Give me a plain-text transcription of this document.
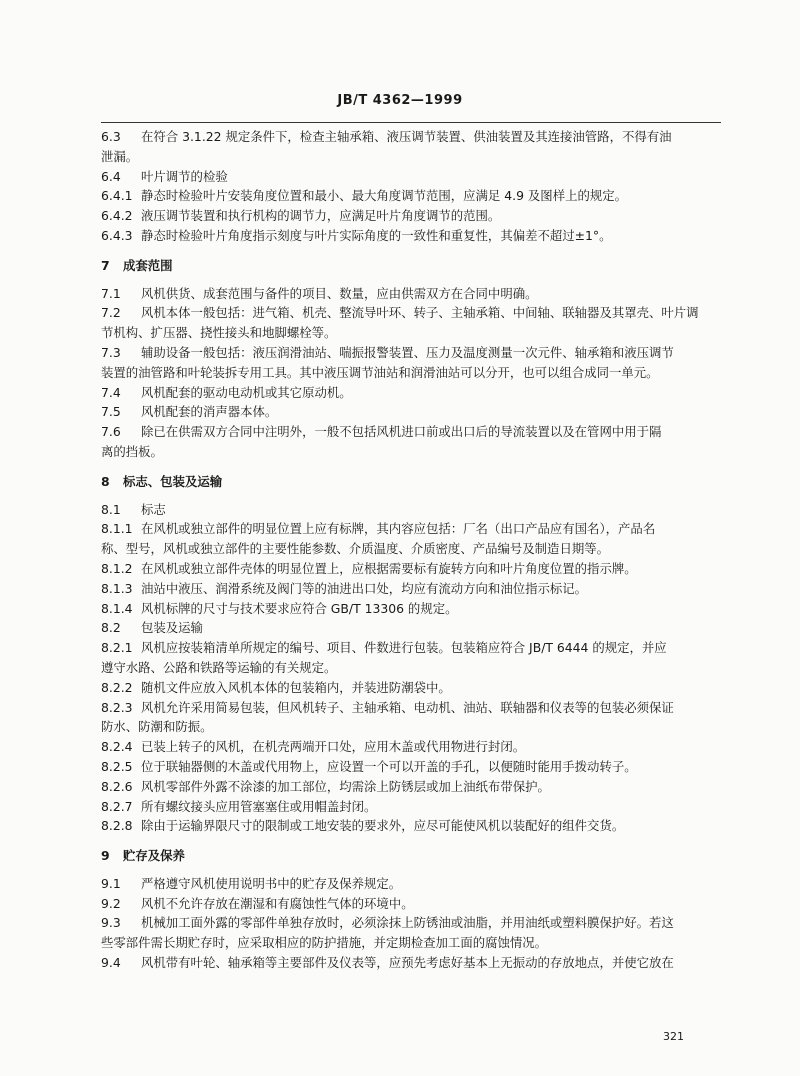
JB/T 4362—1999
6.3 在符合 3.1.22 规定条件下，检查主轴承箱、液压调节装置、供油装置及其连接油管路，不得有油
泄漏。
6.4 叶片调节的检验
6.4.1 静态时检验叶片安装角度位置和最小、最大角度调节范围，应满足 4.9 及图样上的规定。
6.4.2 液压调节装置和执行机构的调节力，应满足叶片角度调节的范围。
6.4.3 静态时检验叶片角度指示刻度与叶片实际角度的一致性和重复性，其偏差不超过±1°。
7 成套范围
7.1 风机供货、成套范围与备件的项目、数量，应由供需双方在合同中明确。
7.2 风机本体一般包括：进气箱、机壳、整流导叶环、转子、主轴承箱、中间轴、联轴器及其罩壳、叶片调
节机构、扩压器、挠性接头和地脚螺栓等。
7.3 辅助设备一般包括：液压润滑油站、喘振报警装置、压力及温度测量一次元件、轴承箱和液压调节
装置的油管路和叶轮装拆专用工具。其中液压调节油站和润滑油站可以分开，也可以组合成同一单元。
7.4 风机配套的驱动电动机或其它原动机。
7.5 风机配套的消声器本体。
7.6 除已在供需双方合同中注明外，一般不包括风机进口前或出口后的导流装置以及在管网中用于隔
离的挡板。
8 标志、包装及运输
8.1 标志
8.1.1 在风机或独立部件的明显位置上应有标牌，其内容应包括：厂名（出口产品应有国名），产品名
称、型号，风机或独立部件的主要性能参数、介质温度、介质密度、产品编号及制造日期等。
8.1.2 在风机或独立部件壳体的明显位置上，应根据需要标有旋转方向和叶片角度位置的指示牌。
8.1.3 油站中液压、润滑系统及阀门等的油进出口处，均应有流动方向和油位指示标记。
8.1.4 风机标牌的尺寸与技术要求应符合 GB/T 13306 的规定。
8.2 包装及运输
8.2.1 风机应按装箱清单所规定的编号、项目、件数进行包装。包装箱应符合 JB/T 6444 的规定，并应
遵守水路、公路和铁路等运输的有关规定。
8.2.2 随机文件应放入风机本体的包装箱内，并装进防潮袋中。
8.2.3 风机允许采用简易包装，但风机转子、主轴承箱、电动机、油站、联轴器和仪表等的包装必须保证
防水、防潮和防振。
8.2.4 已装上转子的风机，在机壳两端开口处，应用木盖或代用物进行封闭。
8.2.5 位于联轴器侧的木盖或代用物上，应设置一个可以开盖的手孔，以便随时能用手拨动转子。
8.2.6 风机零部件外露不涂漆的加工部位，均需涂上防锈层或加上油纸布带保护。
8.2.7 所有螺纹接头应用管塞塞住或用帽盖封闭。
8.2.8 除由于运输界限尺寸的限制或工地安装的要求外，应尽可能使风机以装配好的组件交货。
9 贮存及保养
9.1 严格遵守风机使用说明书中的贮存及保养规定。
9.2 风机不允许存放在潮湿和有腐蚀性气体的环境中。
9.3 机械加工面外露的零部件单独存放时，必须涂抹上防锈油或油脂，并用油纸或塑料膜保护好。若这
些零部件需长期贮存时，应采取相应的防护措施，并定期检查加工面的腐蚀情况。
9.4 风机带有叶轮、轴承箱等主要部件及仪表等，应预先考虑好基本上无振动的存放地点，并使它放在
321
